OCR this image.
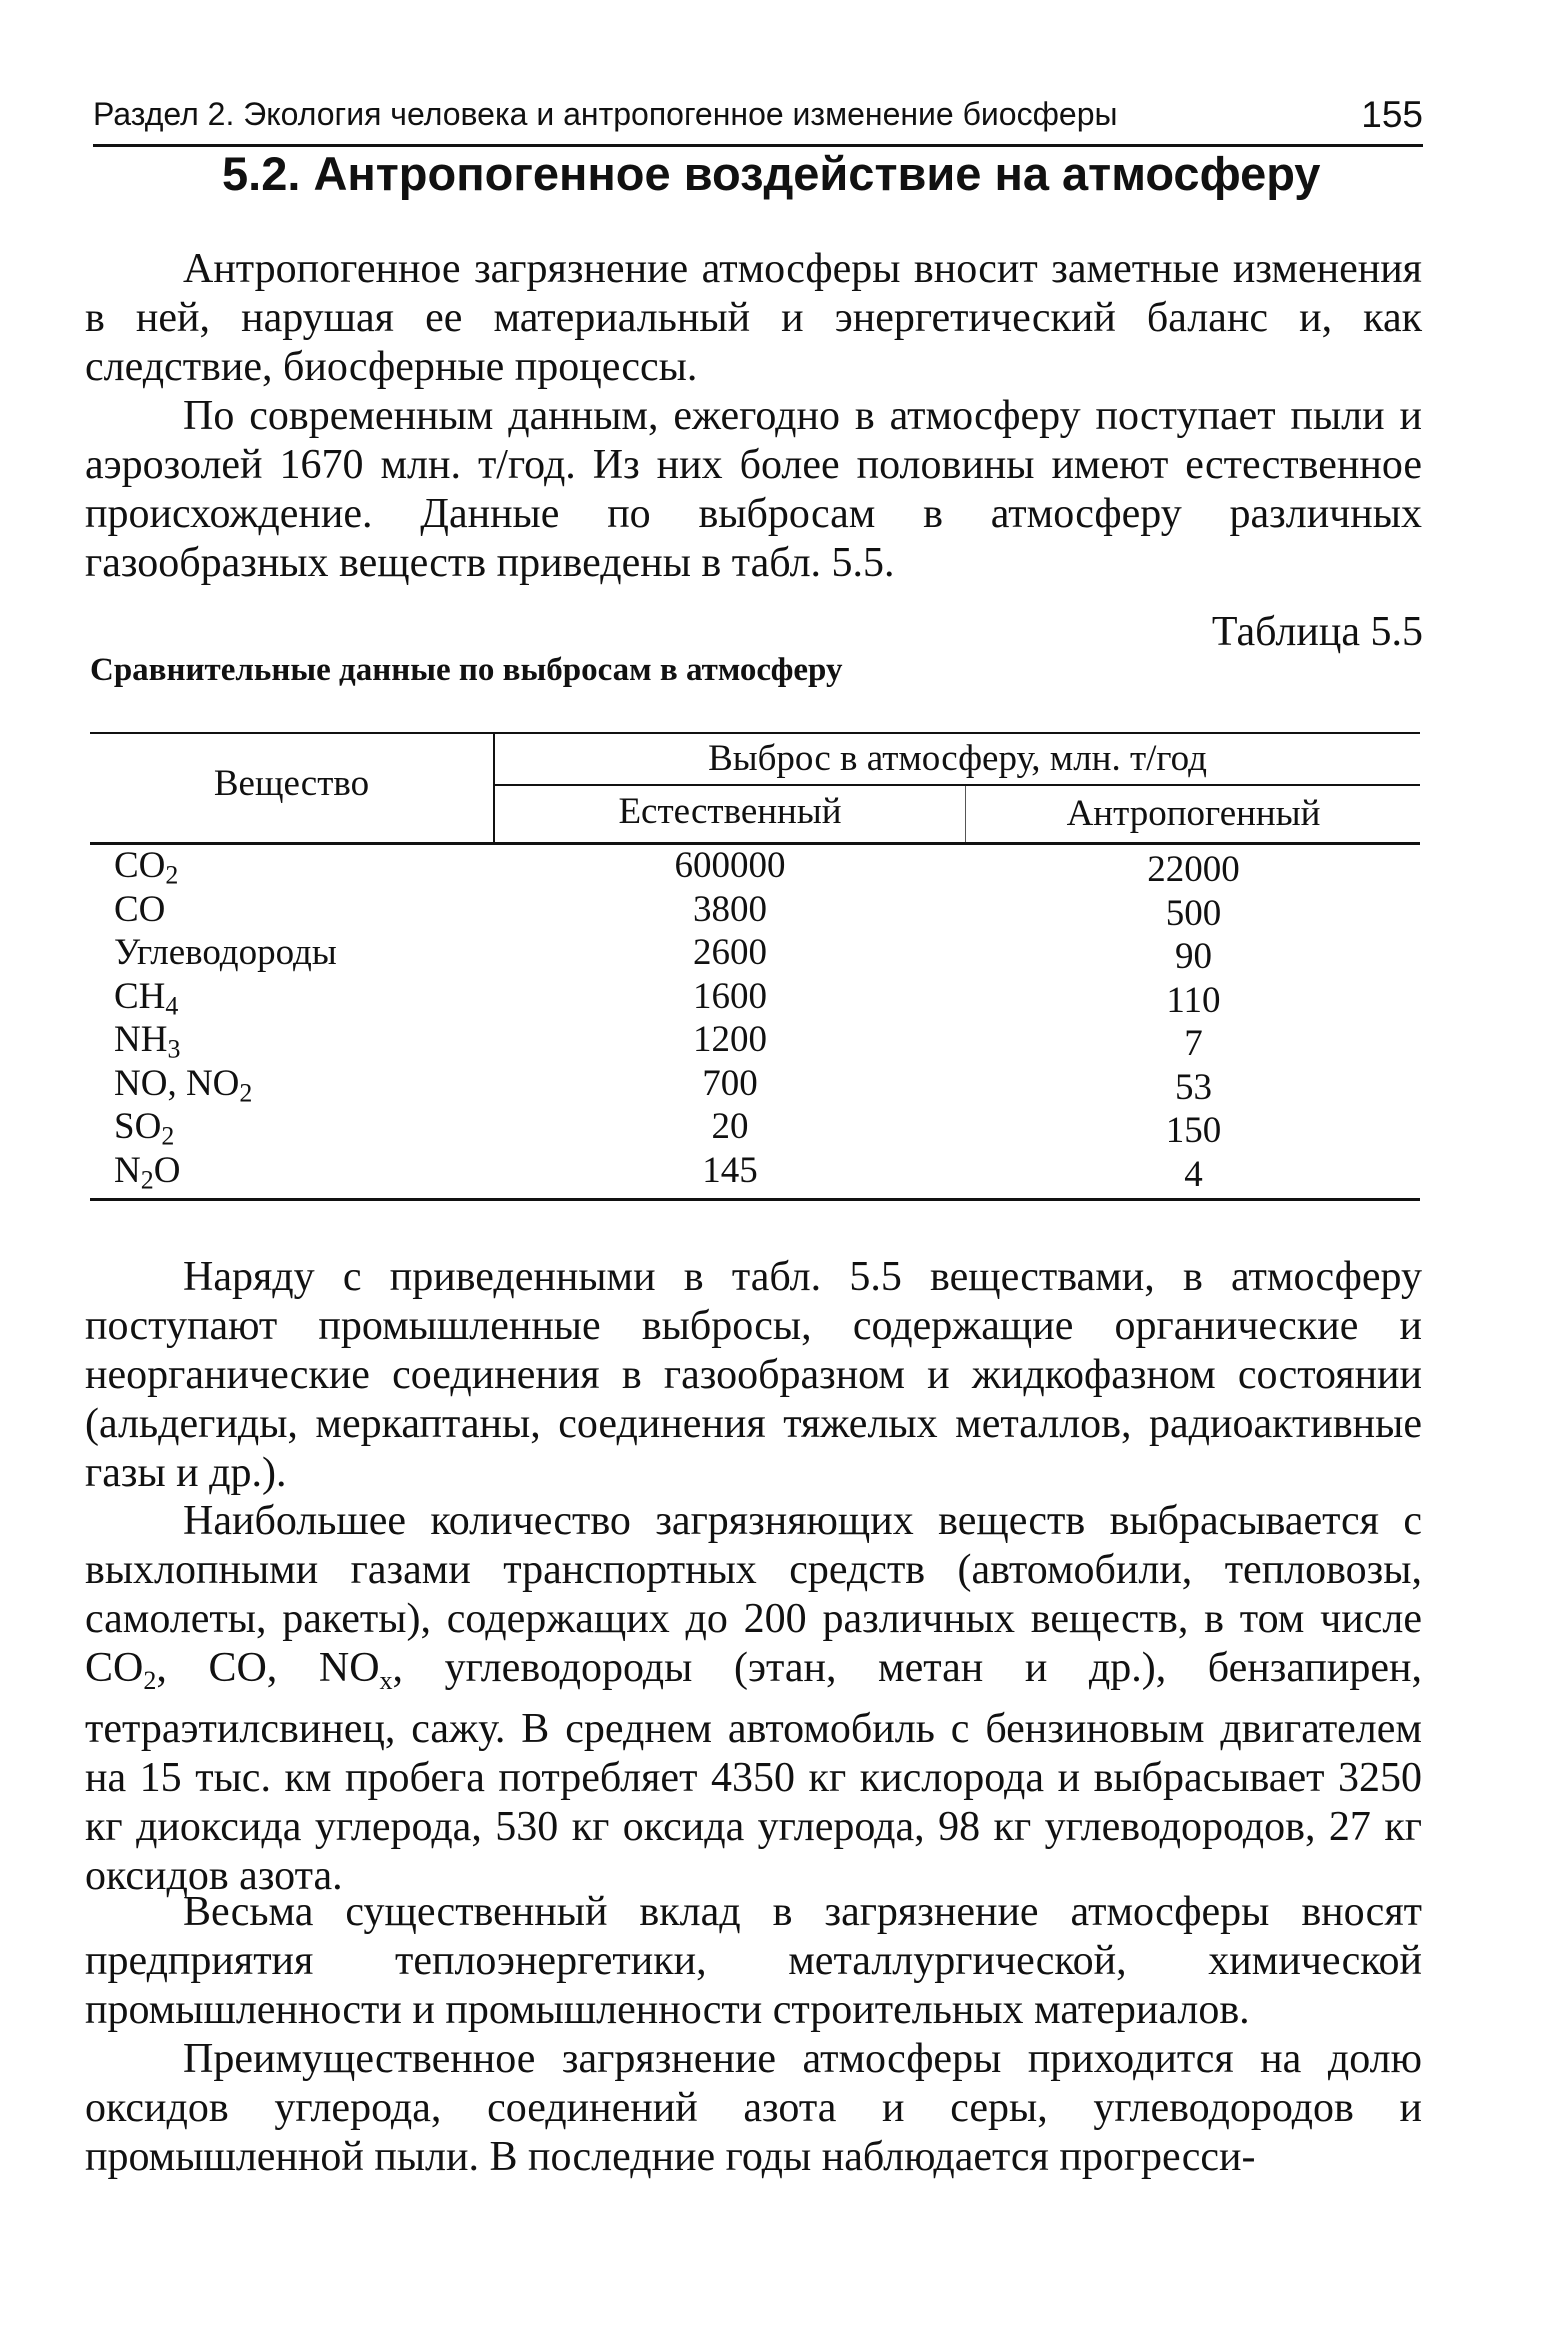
Раздел 2. Экология человека и антропогенное изменение биосферы	155
5.2. Антропогенное воздействие на атмосферу

Антропогенное загрязнение атмосферы вносит заметные изменения в ней, нарушая ее материальный и энергетический баланс и, как следствие, биосферные процессы.

По современным данным, ежегодно в атмосферу поступает пыли и аэрозолей 1670 млн. т/год. Из них более половины имеют естественное происхождение. Данные по выбросам в атмосферу различных газообразных веществ приведены в табл. 5.5.

Таблица 5.5
Сравнительные данные по выбросам в атмосферу
Вещество
Выброс в атмосферу, млн. т/год
Естественный	Антропогенный
$СО_2$	600000	22000
СО	3800	500
Углеводороды	2600	90
$СН_4$	1600	110
$NH_3$	1200	7
NO, $NO_2$	700	53
$SO_2$	20	150
$N_2O$	145	4

Наряду с приведенными в табл. 5.5 веществами, в атмосферу поступают промышленные выбросы, содержащие органические и неорганические соединения в газообразном и жидкофазном состоянии (альдегиды, меркаптаны, соединения тяжелых металлов, радиоактивные газы и др.).

Наибольшее количество загрязняющих веществ выбрасывается с выхлопными газами транспортных средств (автомобили, тепловозы, самолеты, ракеты), содержащих до 200 различных веществ, в том числе СО2, СО, NOx, углеводороды (этан, метан и др.), бензапирен, тетраэтилсвинец, сажу. В среднем автомобиль с бензиновым двигателем на 15 тыс. км пробега потребляет 4350 кг кислорода и выбрасывает 3250 кг диоксида углерода, 530 кг оксида углерода, 98 кг углеводородов, 27 кг оксидов азота.

Весьма существенный вклад в загрязнение атмосферы вносят предприятия теплоэнергетики, металлургической, химической промышленности и промышленности строительных материалов.

Преимущественное загрязнение атмосферы приходится на долю оксидов углерода, соединений азота и серы, углеводородов и промышленной пыли. В последние годы наблюдается прогресси-
